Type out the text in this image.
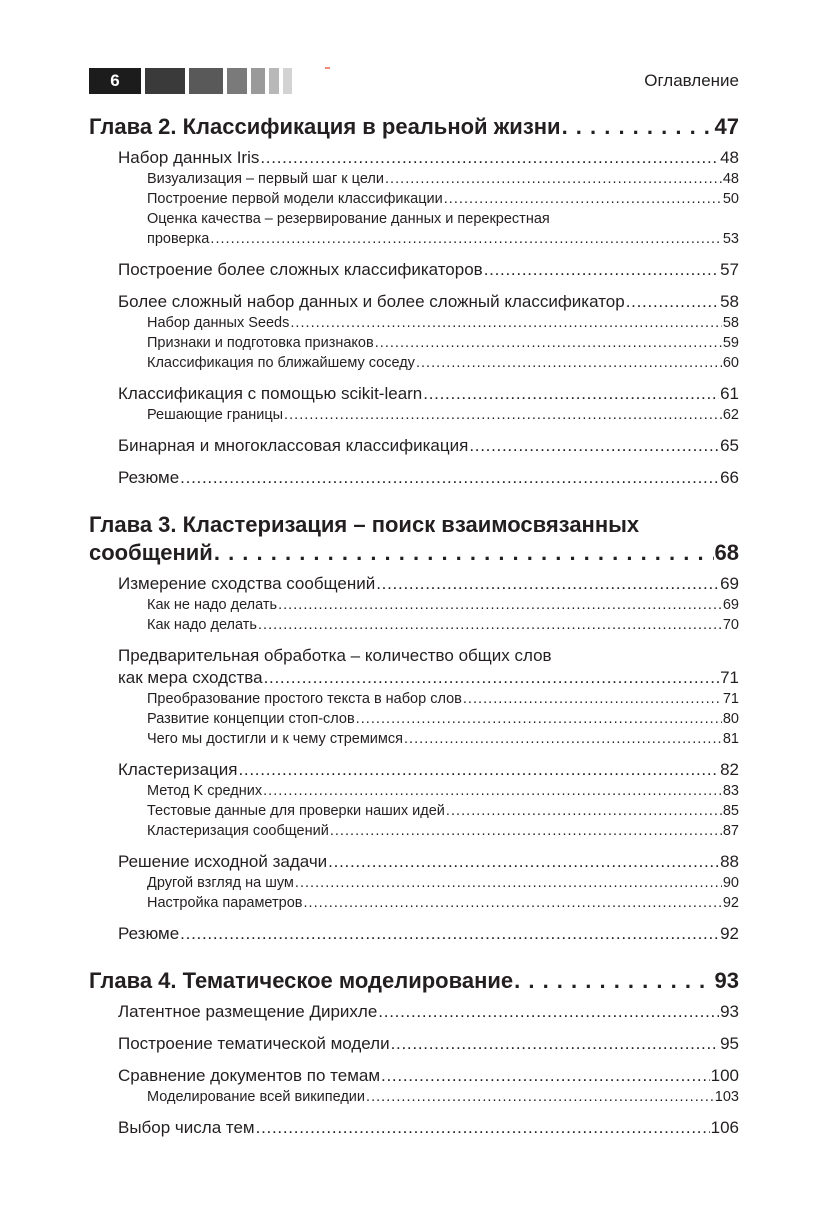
6	Оглавление
Глава 2. Классификация в реальной жизни . . .	47
Набор данных Iris . . .	48
Визуализация – первый шаг к цели . . .	48
Построение первой модели классификации . . .	50
Оценка качества – резервирование данных и перекрестная
проверка . . .	53
Построение более сложных классификаторов . . .	57
Более сложный набор данных и более сложный классификатор . . .	58
Набор данных Seeds . . .	58
Признаки и подготовка признаков . . .	59
Классификация по ближайшему соседу . . .	60
Классификация с помощью scikit-learn . . .	61
Решающие границы . . .	62
Бинарная и многоклассовая классификация . . .	65
Резюме . . .	66
Глава 3. Кластеризация – поиск взаимосвязанных
сообщений . . .	68
Измерение сходства сообщений . . .	69
Как не надо делать . . .	69
Как надо делать . . .	70
Предварительная обработка – количество общих слов
как мера сходства . . .	71
Преобразование простого текста в набор слов . . .	71
Развитие концепции стоп-слов . . .	80
Чего мы достигли и к чему стремимся . . .	81
Кластеризация . . .	82
Метод K средних . . .	83
Тестовые данные для проверки наших идей . . .	85
Кластеризация сообщений . . .	87
Решение исходной задачи . . .	88
Другой взгляд на шум . . .	90
Настройка параметров . . .	92
Резюме . . .	92
Глава 4. Тематическое моделирование . . .	93
Латентное размещение Дирихле . . .	93
Построение тематической модели . . .	95
Сравнение документов по темам . . .	100
Моделирование всей википедии . . .	103
Выбор числа тем . . .	106
